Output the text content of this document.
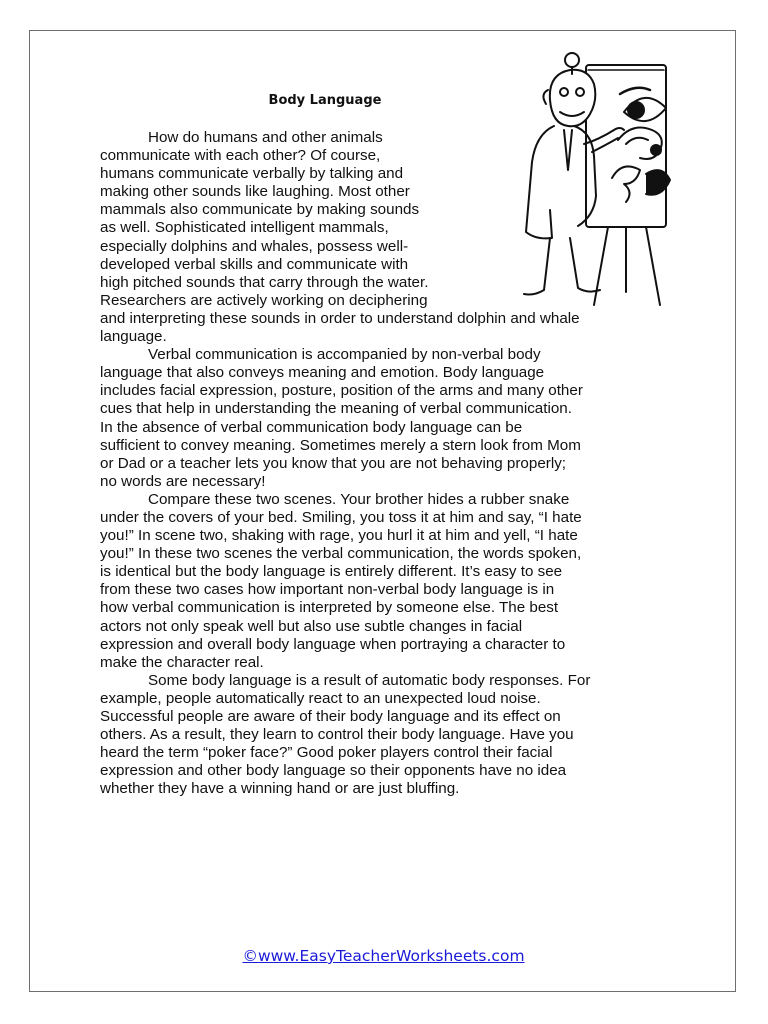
Body Language

How do humans and other animals
communicate with each other? Of course,
humans communicate verbally by talking and
making other sounds like laughing. Most other
mammals also communicate by making sounds
as well. Sophisticated intelligent mammals,
especially dolphins and whales, possess well-
developed verbal skills and communicate with
high pitched sounds that carry through the water.
Researchers are actively working on deciphering
and interpreting these sounds in order to understand dolphin and whale
language.

Verbal communication is accompanied by non-verbal body
language that also conveys meaning and emotion. Body language
includes facial expression, posture, position of the arms and many other
cues that help in understanding the meaning of verbal communication.
In the absence of verbal communication body language can be
sufficient to convey meaning. Sometimes merely a stern look from Mom
or Dad or a teacher lets you know that you are not behaving properly;
no words are necessary!

Compare these two scenes. Your brother hides a rubber snake
under the covers of your bed. Smiling, you toss it at him and say, “I hate
you!” In scene two, shaking with rage, you hurl it at him and yell, “I hate
you!” In these two scenes the verbal communication, the words spoken,
is identical but the body language is entirely different. It’s easy to see
from these two cases how important non-verbal body language is in
how verbal communication is interpreted by someone else. The best
actors not only speak well but also use subtle changes in facial
expression and overall body language when portraying a character to
make the character real.

Some body language is a result of automatic body responses. For
example, people automatically react to an unexpected loud noise.
Successful people are aware of their body language and its effect on
others. As a result, they learn to control their body language. Have you
heard the term “poker face?” Good poker players control their facial
expression and other body language so their opponents have no idea
whether they have a winning hand or are just bluffing.

©www.EasyTeacherWorksheets.com
